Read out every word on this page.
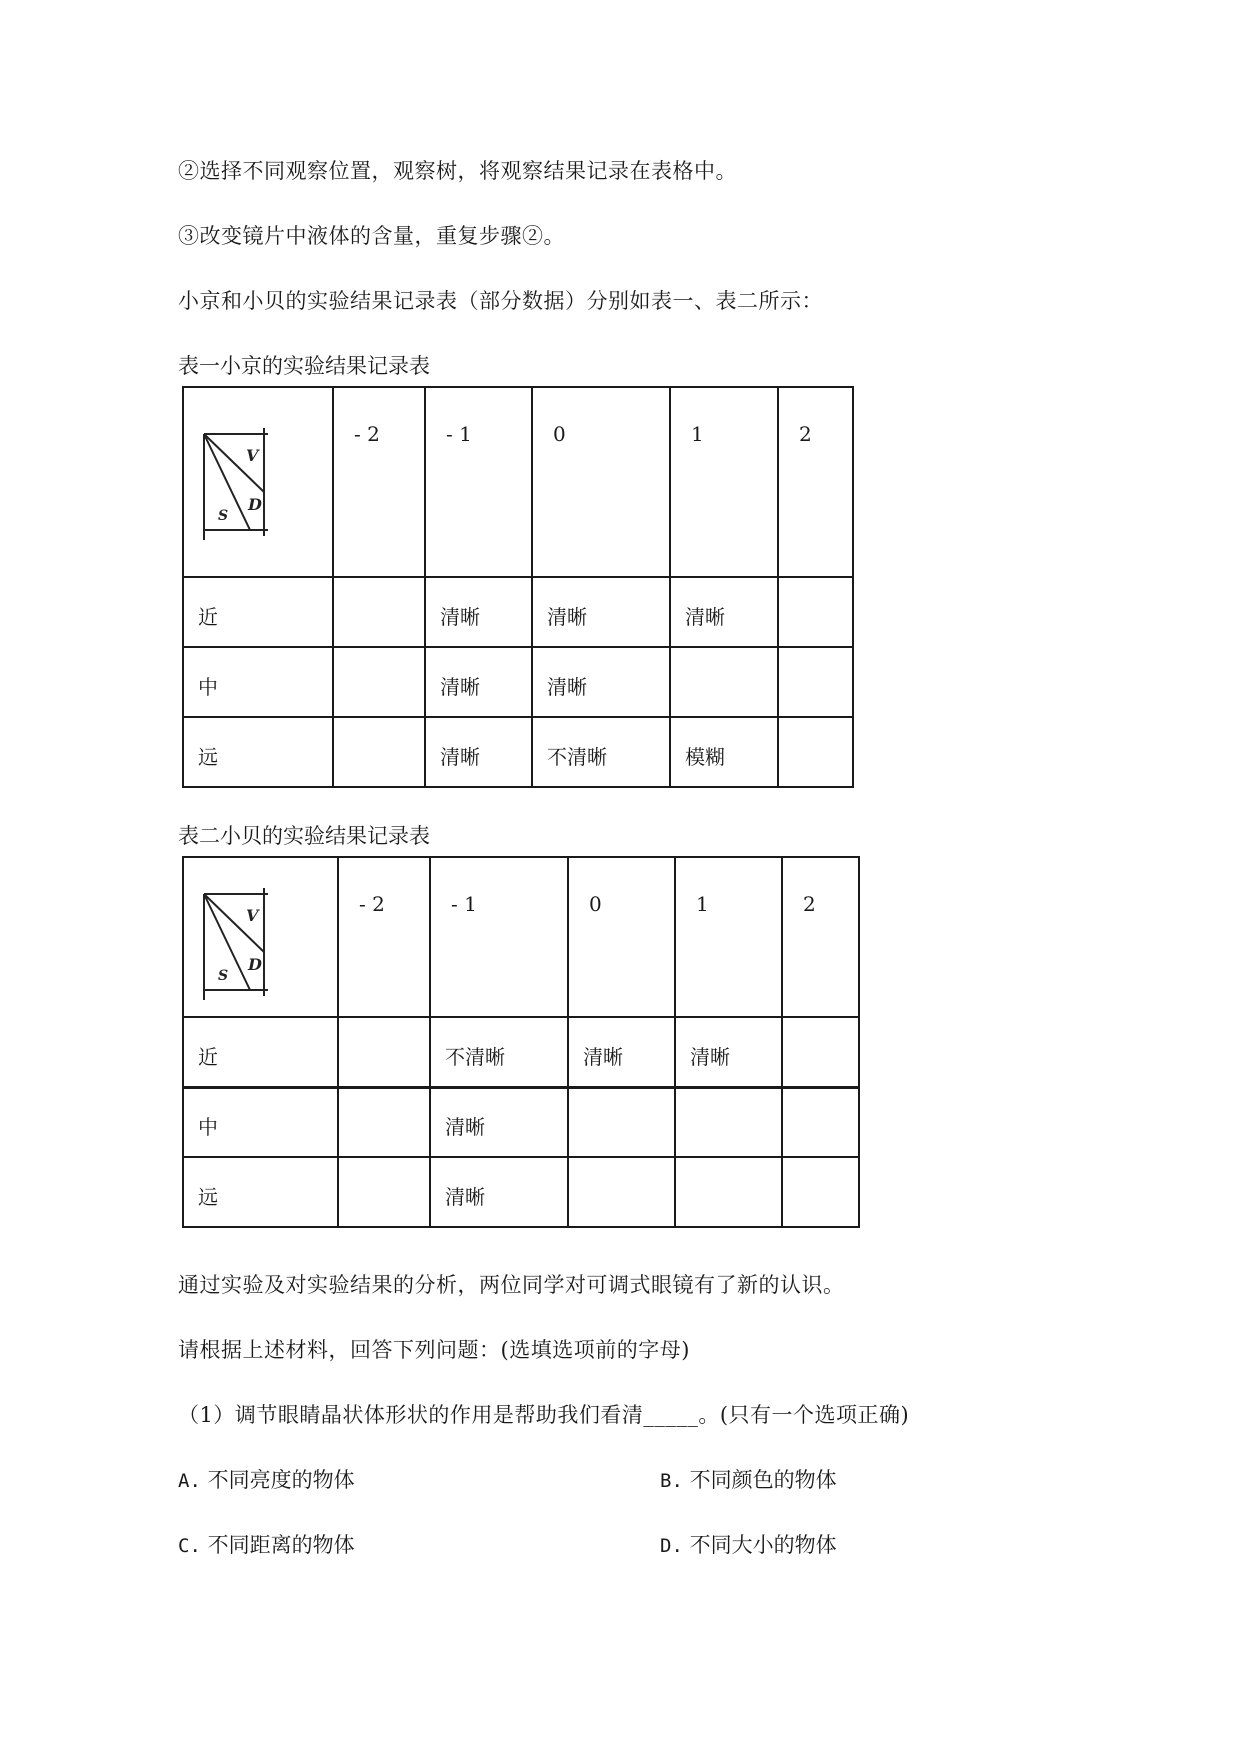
②选择不同观察位置，观察树，将观察结果记录在表格中。
③改变镜片中液体的含量，重复步骤②。
小京和小贝的实验结果记录表（部分数据）分别如表一、表二所示：
表一小京的实验结果记录表
V
D
S	- 2	- 1	0	1	2

近		清晰	清晰	清晰	

中		清晰	清晰		

远		清晰	不清晰	模糊	

表二小贝的实验结果记录表
V
D
S	- 2	- 1	0	1	2

近		不清晰	清晰	清晰	

中		清晰			

远		清晰			

通过实验及对实验结果的分析，两位同学对可调式眼镜有了新的认识。
请根据上述材料，回答下列问题：(选填选项前的字母)
（1）调节眼睛晶状体形状的作用是帮助我们看清_____。(只有一个选项正确)
A. 不同亮度的物体	B. 不同颜色的物体
C. 不同距离的物体	D. 不同大小的物体
